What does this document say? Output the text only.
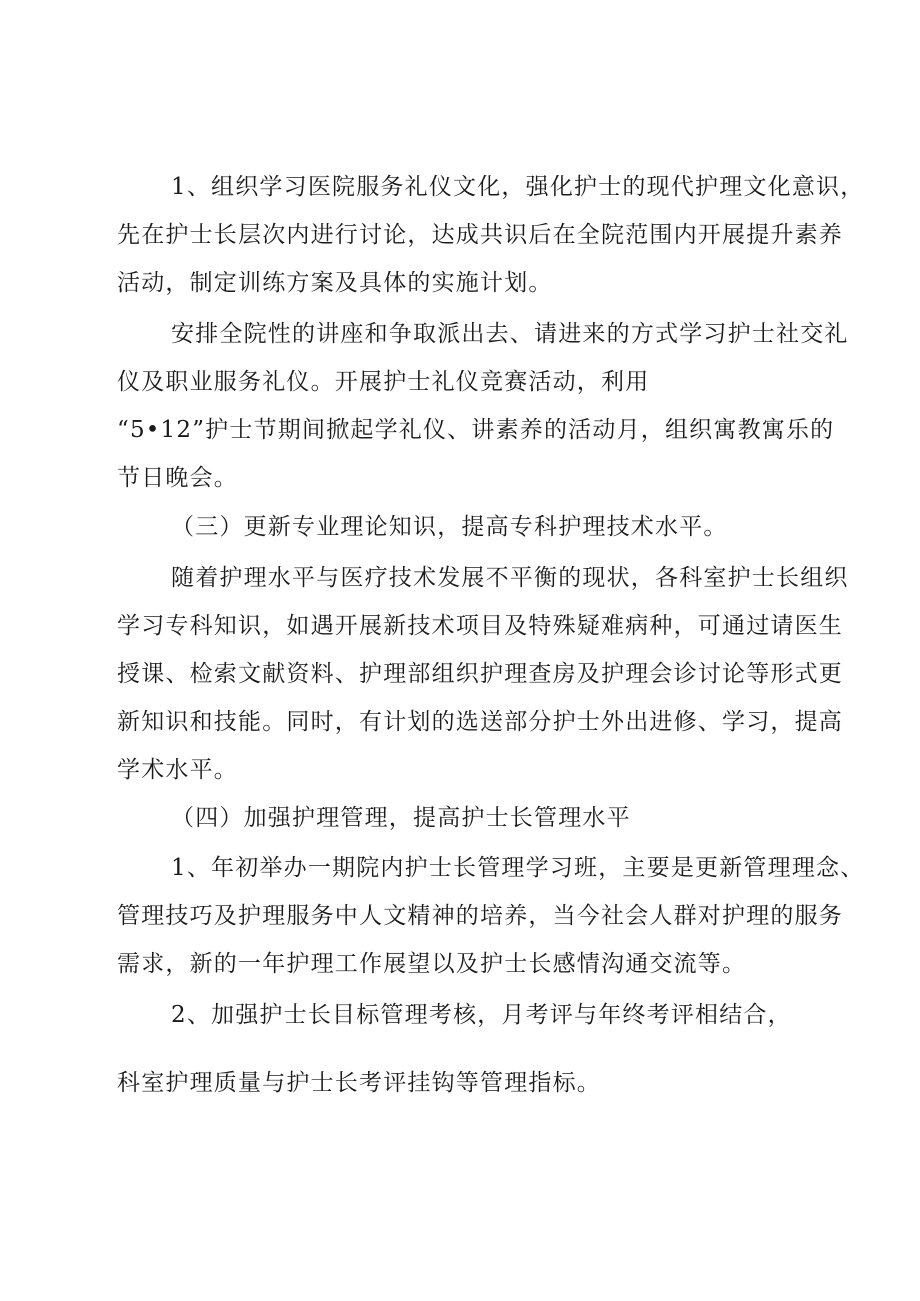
1、组织学习医院服务礼仪文化，强化护士的现代护理文化意识，
先在护士长层次内进行讨论，达成共识后在全院范围内开展提升素养
活动，制定训练方案及具体的实施计划。
安排全院性的讲座和争取派出去、请进来的方式学习护士社交礼
仪及职业服务礼仪。开展护士礼仪竞赛活动，利用
“5•12”护士节期间掀起学礼仪、讲素养的活动月，组织寓教寓乐的
节日晚会。
（三）更新专业理论知识，提高专科护理技术水平。
随着护理水平与医疗技术发展不平衡的现状，各科室护士长组织
学习专科知识，如遇开展新技术项目及特殊疑难病种，可通过请医生
授课、检索文献资料、护理部组织护理查房及护理会诊讨论等形式更
新知识和技能。同时，有计划的选送部分护士外出进修、学习，提高
学术水平。
（四）加强护理管理，提高护士长管理水平
1、年初举办一期院内护士长管理学习班，主要是更新管理理念、
管理技巧及护理服务中人文精神的培养，当今社会人群对护理的服务
需求，新的一年护理工作展望以及护士长感情沟通交流等。
2、加强护士长目标管理考核，月考评与年终考评相结合，
科室护理质量与护士长考评挂钩等管理指标。
